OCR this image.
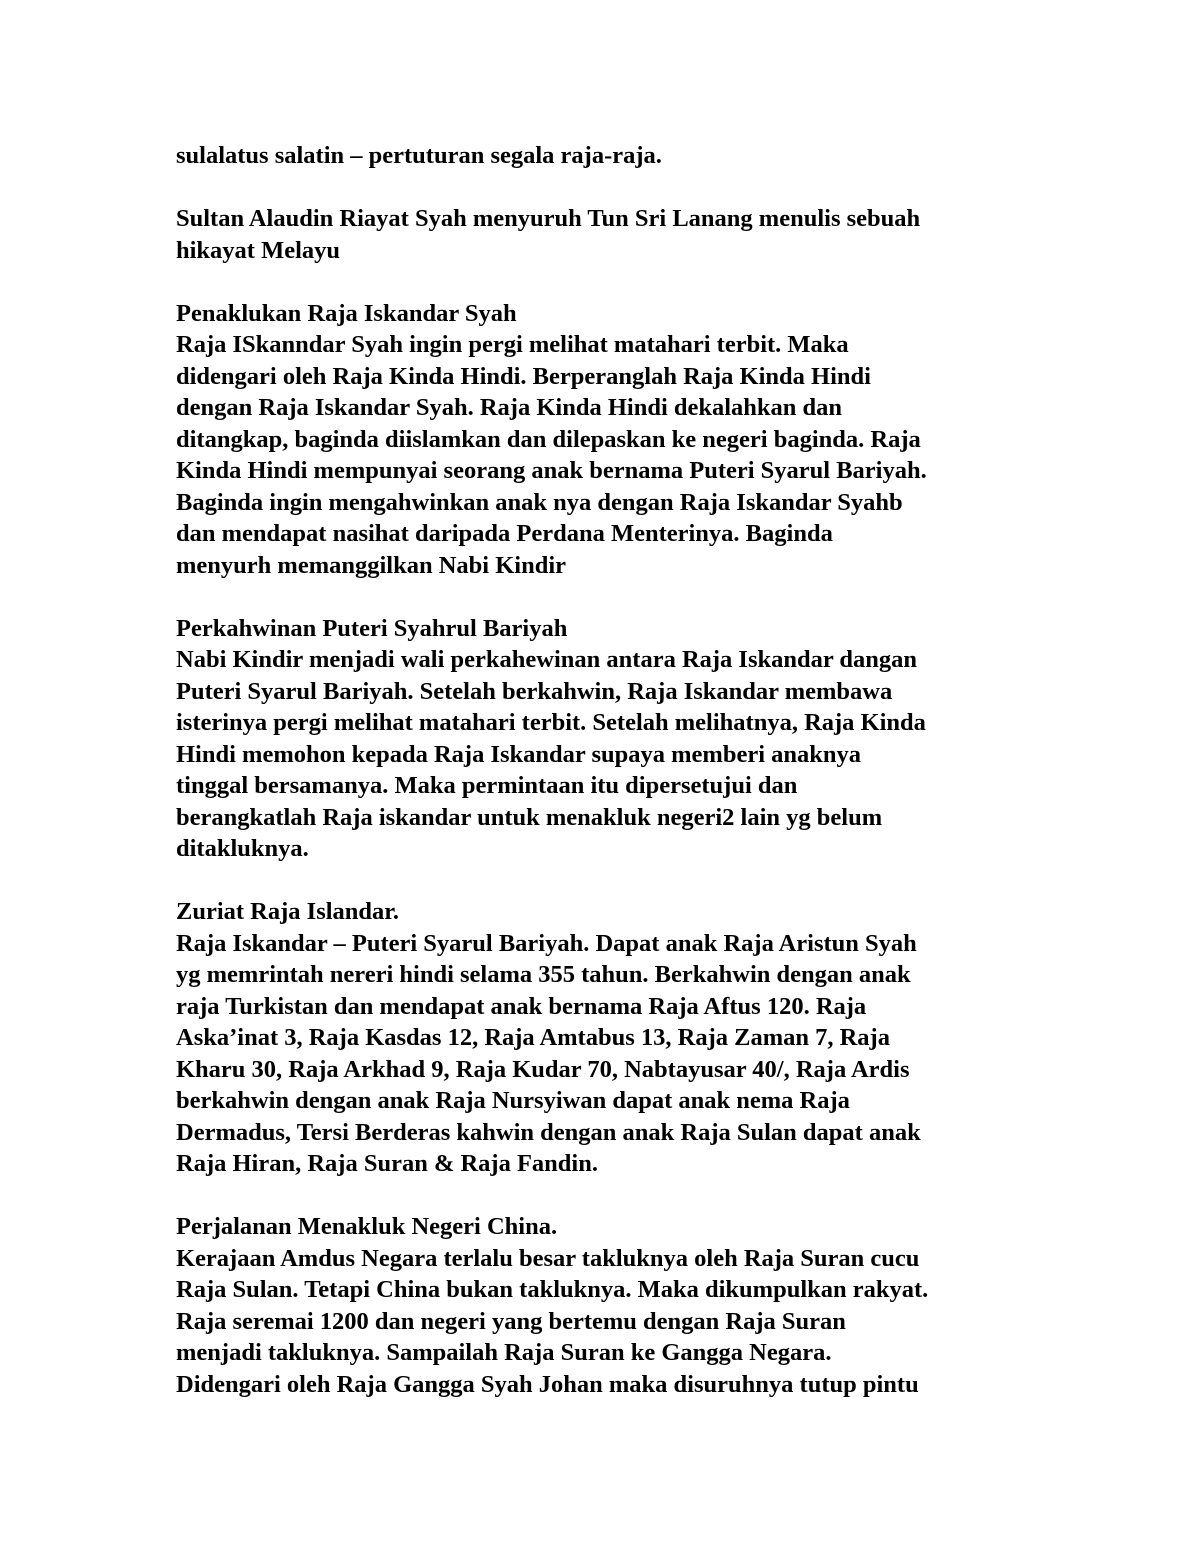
sulalatus salatin – pertuturan segala raja-raja.
Sultan Alaudin Riayat Syah menyuruh Tun Sri Lanang menulis sebuah
hikayat Melayu
Penaklukan Raja Iskandar Syah
Raja ISkanndar Syah ingin pergi melihat matahari terbit. Maka
didengari oleh Raja Kinda Hindi. Berperanglah Raja Kinda Hindi
dengan Raja Iskandar Syah. Raja Kinda Hindi dekalahkan dan
ditangkap, baginda diislamkan dan dilepaskan ke negeri baginda. Raja
Kinda Hindi mempunyai seorang anak bernama Puteri Syarul Bariyah.
Baginda ingin mengahwinkan anak nya dengan Raja Iskandar Syahb
dan mendapat nasihat daripada Perdana Menterinya. Baginda
menyurh memanggilkan Nabi Kindir
Perkahwinan Puteri Syahrul Bariyah
Nabi Kindir menjadi wali perkahewinan antara Raja Iskandar dangan
Puteri Syarul Bariyah. Setelah berkahwin, Raja Iskandar membawa
isterinya pergi melihat matahari terbit. Setelah melihatnya, Raja Kinda
Hindi memohon kepada Raja Iskandar supaya memberi anaknya
tinggal bersamanya. Maka permintaan itu dipersetujui dan
berangkatlah Raja iskandar untuk menakluk negeri2 lain yg belum
ditakluknya.
Zuriat Raja Islandar.
Raja Iskandar – Puteri Syarul Bariyah. Dapat anak Raja Aristun Syah
yg memrintah nereri hindi selama 355 tahun. Berkahwin dengan anak
raja Turkistan dan mendapat anak bernama Raja Aftus 120. Raja
Aska’inat 3, Raja Kasdas 12, Raja Amtabus 13, Raja Zaman 7, Raja
Kharu 30, Raja Arkhad 9, Raja Kudar 70, Nabtayusar 40/, Raja Ardis
berkahwin dengan anak Raja Nursyiwan dapat anak nema Raja
Dermadus, Tersi Berderas kahwin dengan anak Raja Sulan dapat anak
Raja Hiran, Raja Suran & Raja Fandin.
Perjalanan Menakluk Negeri China.
Kerajaan Amdus Negara terlalu besar takluknya oleh Raja Suran cucu
Raja Sulan. Tetapi China bukan takluknya. Maka dikumpulkan rakyat.
Raja seremai 1200 dan negeri yang bertemu dengan Raja Suran
menjadi takluknya. Sampailah Raja Suran ke Gangga Negara.
Didengari oleh Raja Gangga Syah Johan maka disuruhnya tutup pintu
